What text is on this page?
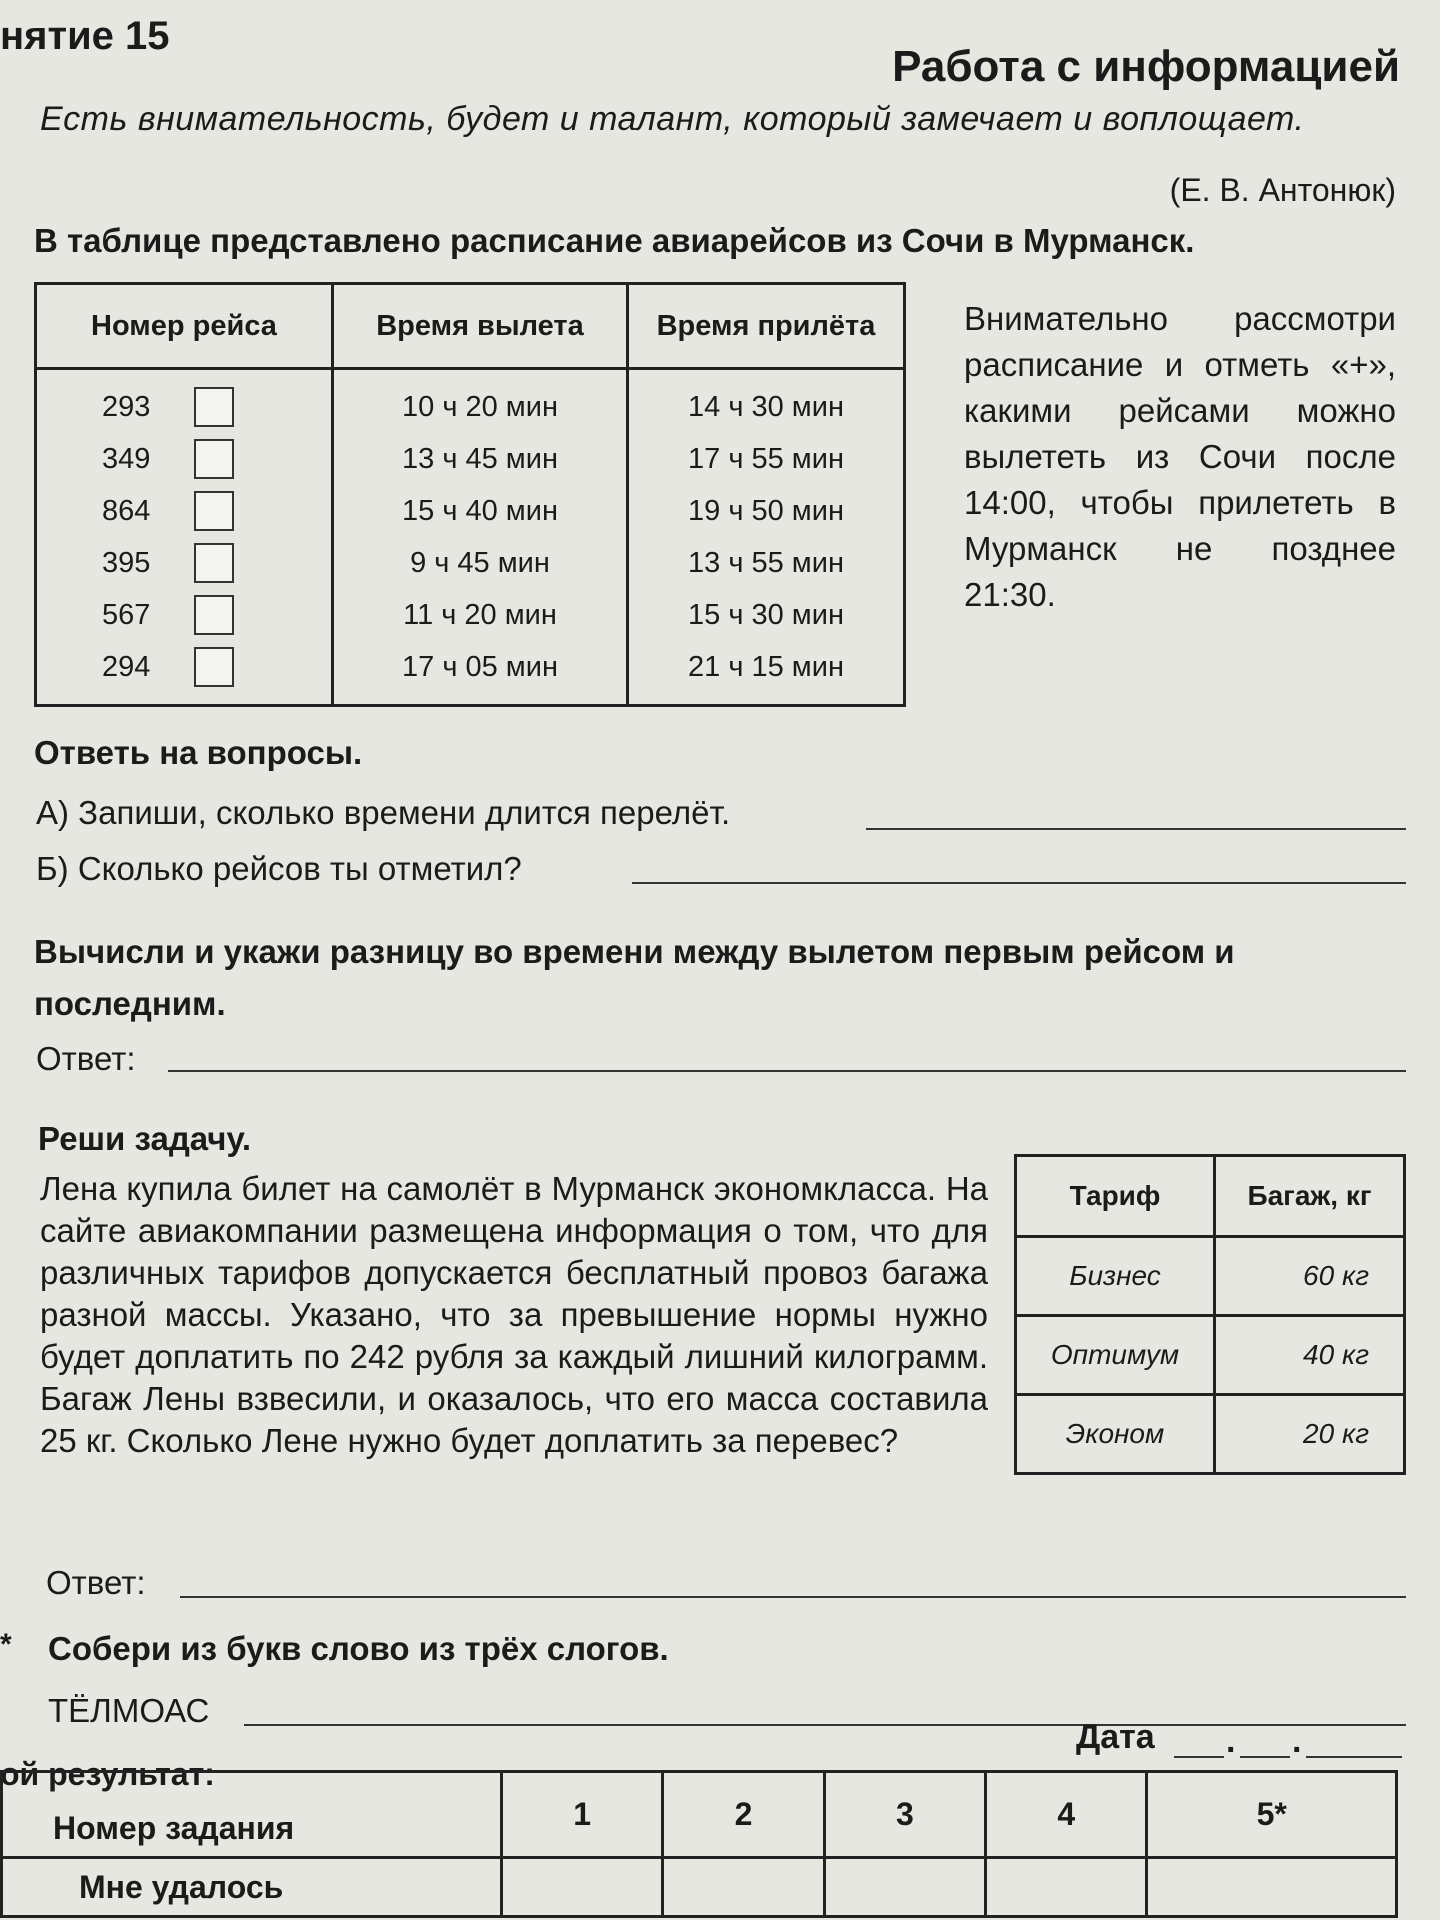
нятие 15
Работа с информацией
Есть внимательность, будет и талант, который замечает и воплощает.
(Е. В. Антонюк)
В таблице представлено расписание авиарейсов из Сочи в Мурманск.
Номер рейса	Время вылета	Время прилёта

293	10 ч 20 мин	14 ч 30 мин

349	13 ч 45 мин	17 ч 55 мин

864	15 ч 40 мин	19 ч 50 мин

395	9 ч 45 мин	13 ч 55 мин

567	11 ч 20 мин	15 ч 30 мин

294	17 ч 05 мин	21 ч 15 мин
Внимательно рассмотри расписание и отметь «+», какими рейсами можно вылететь из Сочи после 14:00, чтобы прилететь в Мурманск не позднее 21:30.
Ответь на вопросы.
А) Запиши, сколько времени длится перелёт.
Б) Сколько рейсов ты отметил?
Вычисли и укажи разницу во времени между вылетом первым рейсом и последним.
Ответ:
Реши задачу.
Лена купила билет на самолёт в Мурманск экономкласса. На сайте авиакомпании размещена информация о том, что для различных тарифов допускается бесплатный провоз багажа разной массы. Указано, что за превышение нормы нужно будет доплатить по 242 рубля за каждый лишний килограмм. Багаж Лены взвесили, и оказалось, что его масса составила 25 кг. Сколько Лене нужно будет доплатить за перевес?
Тариф	Багаж, кг
Бизнес	60 кг
Оптимум	40 кг
Эконом	20 кг
Ответ:
* Собери из букв слово из трёх слогов.
ТЁЛМОАС
Дата . .
ой результат:
Номер задания	1	2	3	4	5*
Мне удалось					
